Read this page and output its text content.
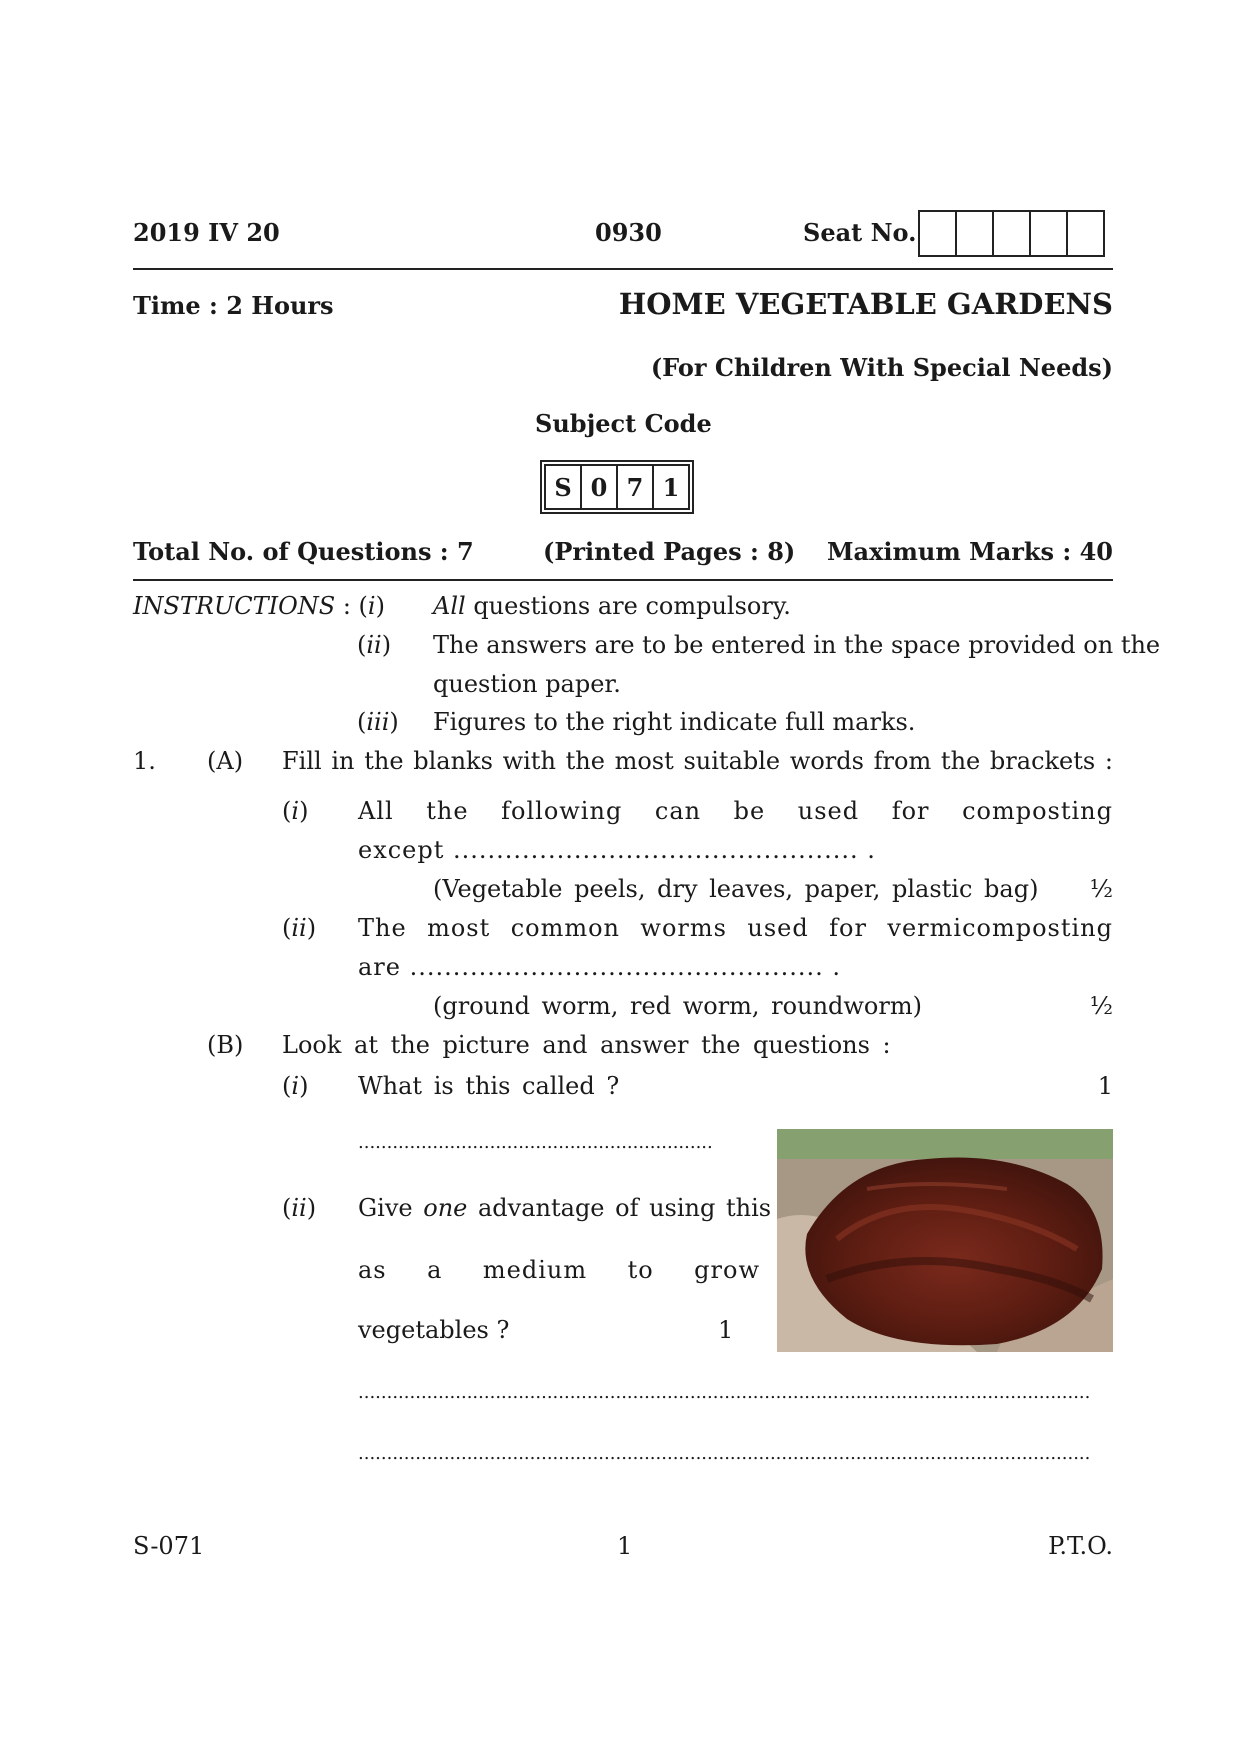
2019 IV 20	0930	Seat No.
Time : 2 Hours	HOME VEGETABLE GARDENS
(For Children With Special Needs)
Subject Code
S 0 7 1
Total No. of Questions : 7	(Printed Pages : 8) Maximum Marks : 40
INSTRUCTIONS : (i) All questions are compulsory.
(ii) The answers are to be entered in the space provided on the
question paper.
(iii) Figures to the right indicate full marks.
1. (A) Fill in the blanks with the most suitable words from the brackets :
(i) All the following can be used for composting
except ............................................... .
(Vegetable peels, dry leaves, paper, plastic bag) ½
(ii) The most common worms used for vermicomposting
are ................................................ .
(ground worm, red worm, roundworm)	½
(B) Look at the picture and answer the questions :
(i) What is this called ?	1
..............................................................
(ii) Give one advantage of using this
as a medium to grow
vegetables ?	1
................................................................................................................................
................................................................................................................................
S-071	1	P.T.O.
